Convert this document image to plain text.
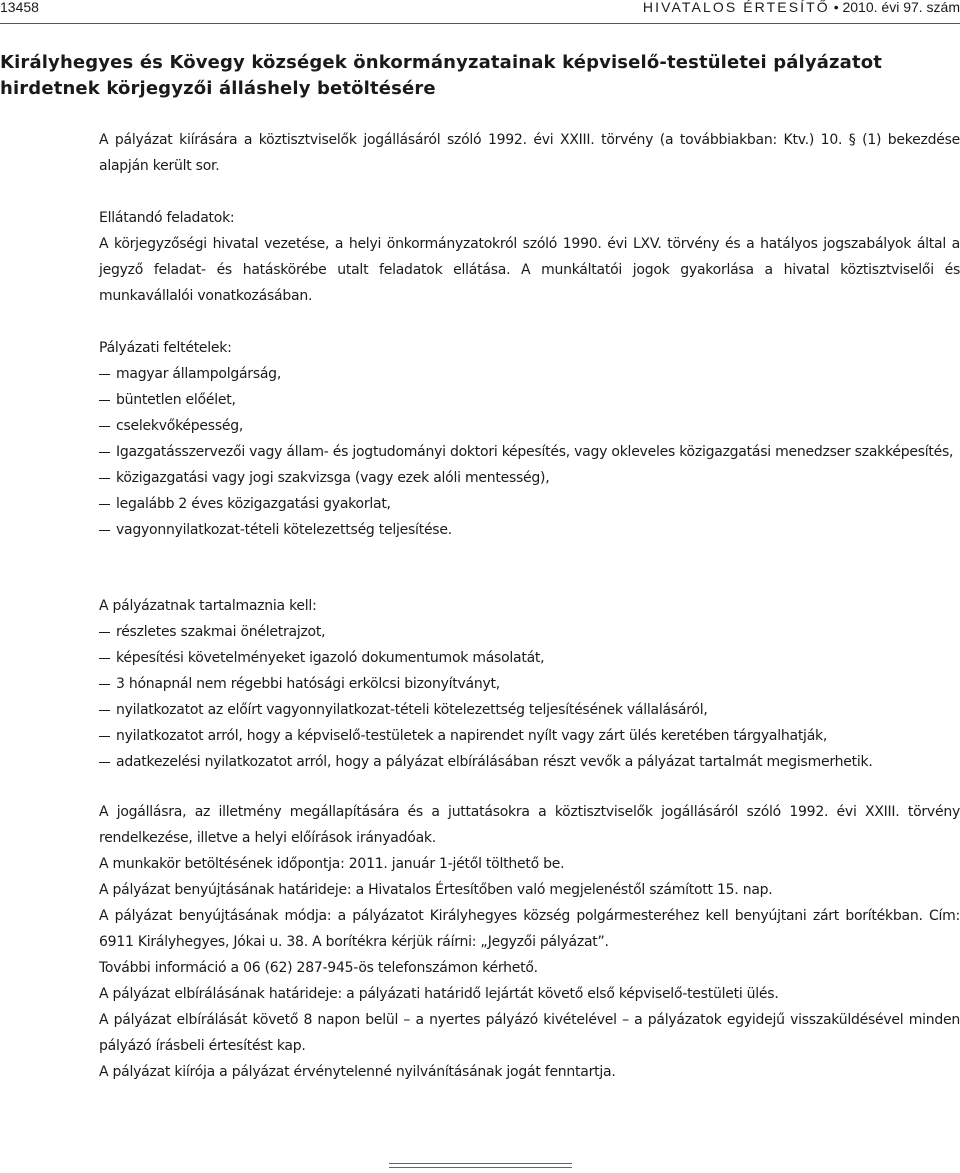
13458	HIVATALOS ÉRTESÍTŐ • 2010. évi 97. szám
Királyhegyes és Kövegy községek önkormányzatainak képviselő-testületei pályázatot hirdetnek körjegyzői álláshely betöltésére

A pályázat kiírására a köztisztviselők jogállásáról szóló 1992. évi XXIII. törvény (a továbbiakban: Ktv.) 10. § (1) bekezdése alapján került sor.

Ellátandó feladatok:
A körjegyzőségi hivatal vezetése, a helyi önkormányzatokról szóló 1990. évi LXV. törvény és a hatályos jogszabályok által a jegyző feladat- és hatáskörébe utalt feladatok ellátása. A munkáltatói jogok gyakorlása a hivatal köztisztviselői és munkavállalói vonatkozásában.
Pályázati feltételek:
magyar állampolgárság,
büntetlen előélet,
cselekvőképesség,
Igazgatásszervezői vagy állam- és jogtudományi doktori képesítés, vagy okleveles közigazgatási menedzser szakképesítés,
közigazgatási vagy jogi szakvizsga (vagy ezek alóli mentesség),
legalább 2 éves közigazgatási gyakorlat,
vagyonnyilatkozat-tételi kötelezettség teljesítése.
A pályázatnak tartalmaznia kell:
részletes szakmai önéletrajzot,
képesítési követelményeket igazoló dokumentumok másolatát,
3 hónapnál nem régebbi hatósági erkölcsi bizonyítványt,
nyilatkozatot az előírt vagyonnyilatkozat-tételi kötelezettség teljesítésének vállalásáról,
nyilatkozatot arról, hogy a képviselő-testületek a napirendet nyílt vagy zárt ülés keretében tárgyalhatják,
adatkezelési nyilatkozatot arról, hogy a pályázat elbírálásában részt vevők a pályázat tartalmát megismerhetik.

A jogállásra, az illetmény megállapítására és a juttatásokra a köztisztviselők jogállásáról szóló 1992. évi XXIII. törvény rendelkezése, illetve a helyi előírások irányadóak.

A munkakör betöltésének időpontja: 2011. január 1-jétől tölthető be.

A pályázat benyújtásának határideje: a Hivatalos Értesítőben való megjelenéstől számított 15. nap.

A pályázat benyújtásának módja: a pályázatot Királyhegyes község polgármesteréhez kell benyújtani zárt borítékban. Cím: 6911 Királyhegyes, Jókai u. 38. A borítékra kérjük ráírni: „Jegyzői pályázat”.

További információ a 06 (62) 287-945-ös telefonszámon kérhető.

A pályázat elbírálásának határideje: a pályázati határidő lejártát követő első képviselő-testületi ülés.

A pályázat elbírálását követő 8 napon belül – a nyertes pályázó kivételével – a pályázatok egyidejű visszaküldésével minden pályázó írásbeli értesítést kap.

A pályázat kiírója a pályázat érvénytelenné nyilvánításának jogát fenntartja.
